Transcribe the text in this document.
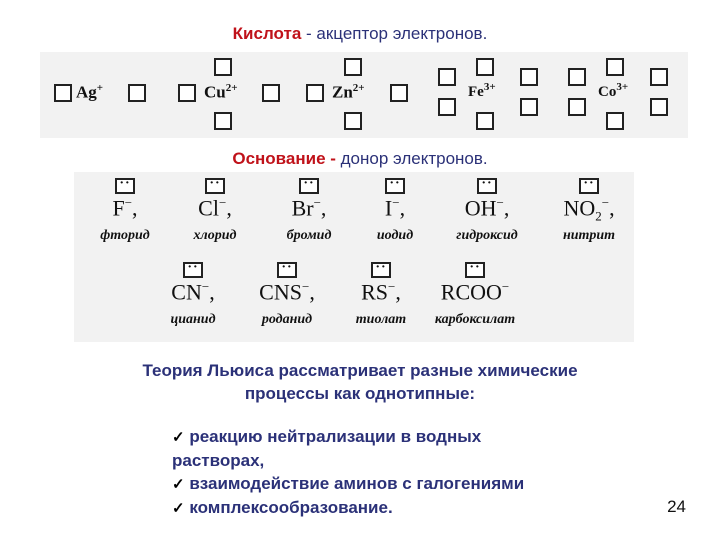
Кислота - акцептор электронов.
Ag+	$Cu^{2+}$	$Zn^{2+}$	$Fe^{3+}$	$Co^{3+}$
Основание - донор электронов.
··
F−,
фторид
··
Cl−,
хлорид
··
Br−,
бромид
··
I−,
иодид
··
OH−,
гидроксид
··
$NO_2^-$,
нитрит
··
CN−,
цианид
··
CNS−,
роданид
··
RS−,
тиолат
··
RCOO−
карбоксилат
Теория Льюиса рассматривает разные химические
процессы как однотипные:
✓ реакцию нейтрализации в водных
растворах,
✓ взаимодействие аминов с галогениями
✓ комплексообразование.	24
